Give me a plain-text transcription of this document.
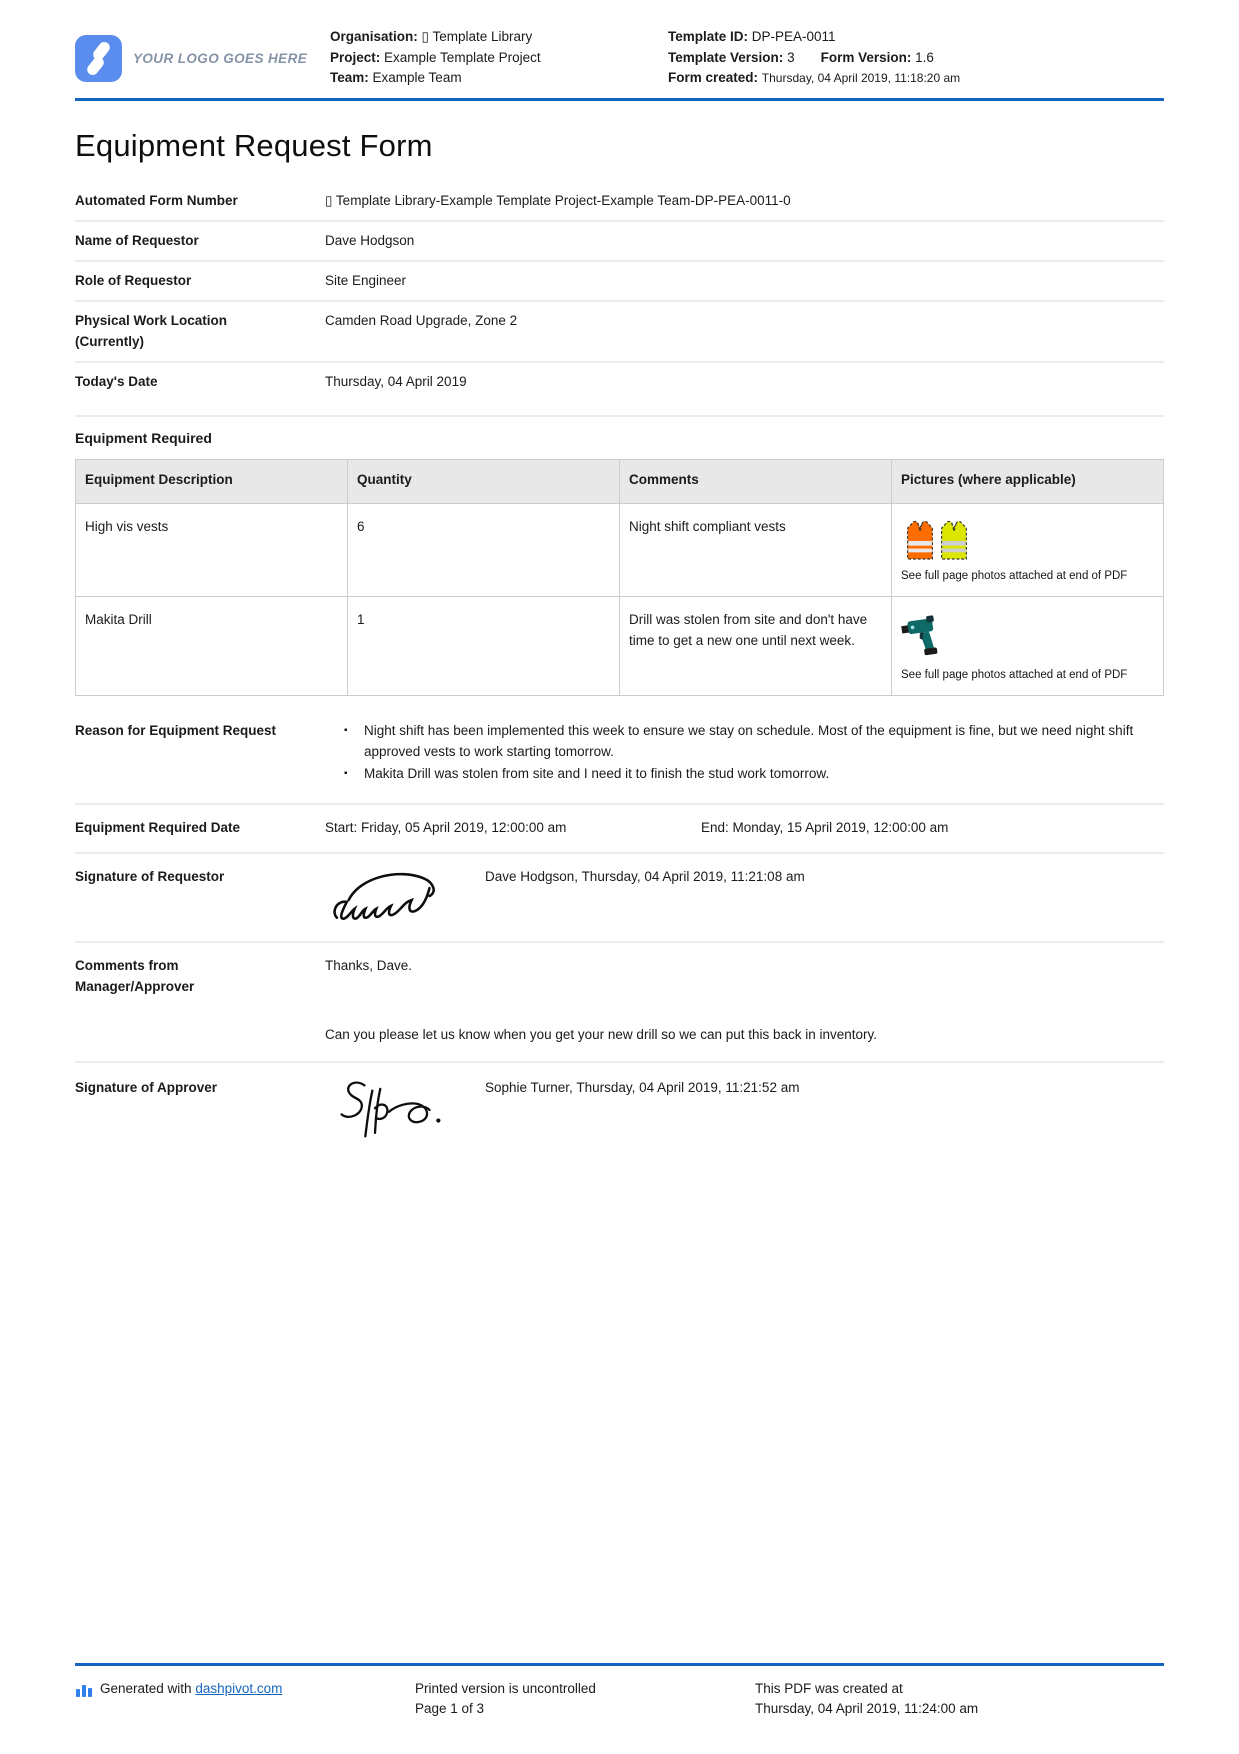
YOUR LOGO GOES HERE
Organisation: ▯ Template Library
Project: Example Template Project
Team: Example Team
Template ID: DP-PEA-0011
Template Version: 3 Form Version: 1.6
Form created: Thursday, 04 April 2019, 11:18:20 am
Equipment Request Form
Automated Form Number	▯ Template Library-Example Template Project-Example Team-DP-PEA-0011-0
Name of Requestor	Dave Hodgson
Role of Requestor	Site Engineer
Physical Work Location (Currently)
Camden Road Upgrade, Zone 2
Today's Date	Thursday, 04 April 2019
Equipment Required
Equipment Description	Quantity	Comments	Pictures (where applicable)
High vis vests	6	Night shift compliant vests	See full page photos attached at end of PDF

Makita Drill	1	Drill was stolen from site and don't have time to get a new one until next week.	See full page photos attached at end of PDF
Reason for Equipment Request	▪ Night shift has been implemented this week to ensure we stay on schedule. Most of the equipment is fine, but we need night shift approved vests to work starting tomorrow.
▪ Makita Drill was stolen from site and I need it to finish the stud work tomorrow.
Equipment Required Date	Start: Friday, 05 April 2019, 12:00:00 am	End: Monday, 15 April 2019, 12:00:00 am
Signature of Requestor	Dave Hodgson, Thursday, 04 April 2019, 11:21:08 am
Comments from Manager/Approver
Thanks, Dave.
Can you please let us know when you get your new drill so we can put this back in inventory.
Signature of Approver	Sophie Turner, Thursday, 04 April 2019, 11:21:52 am
Generated with dashpivot.com	Printed version is uncontrolled
Page 1 of 3
This PDF was created at
Thursday, 04 April 2019, 11:24:00 am
